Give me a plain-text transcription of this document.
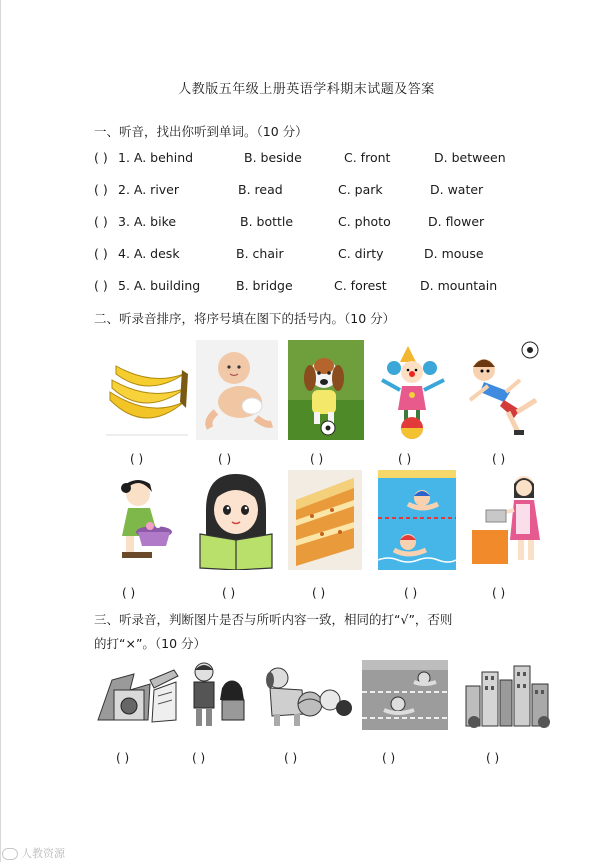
人教版五年级上册英语学科期末试题及答案
一、听音，找出你听到单词。（10 分）
( ) 1. A. behind	B. beside	C. front	D. between
( ) 2. A. river	B. read	C. park	D. water
( ) 3. A. bike	B. bottle	C. photo	D. flower
( ) 4. A. desk	B. chair	C. dirty	D. mouse
( ) 5. A. building	B. bridge	C. forest	D. mountain
二、听录音排序，将序号填在图下的括号内。（10 分）
( )	( )	( )	( )	( )
( )	( )	( )	( )	( )
三、听录音，判断图片是否与所听内容一致，相同的打“√”，否则
的打“×”。（10 分）
( )	( )	( )	( )	( )
人教资源
